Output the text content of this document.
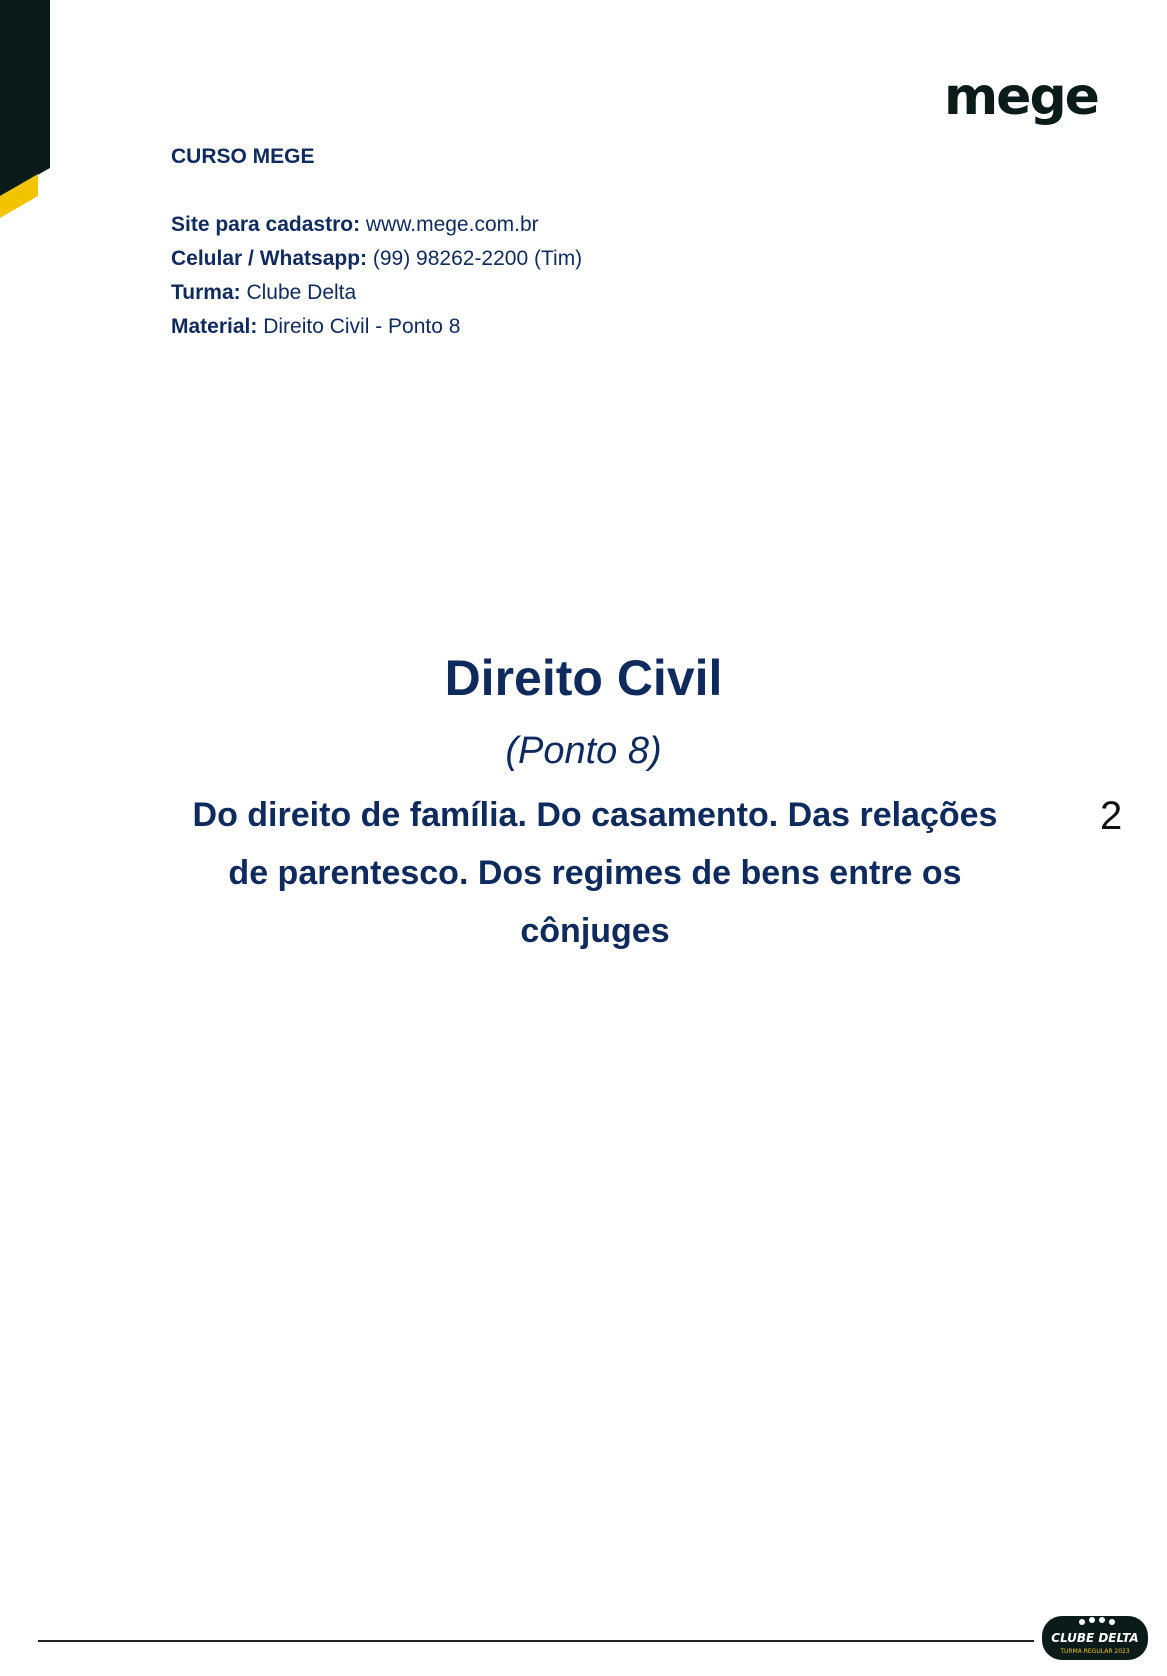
mege
CURSO MEGE
Site para cadastro: www.mege.com.br
Celular / Whatsapp: (99) 98262-2200 (Tim)
Turma: Clube Delta
Material: Direito Civil - Ponto 8
Direito Civil
(Ponto 8)
Do direito de família. Do casamento. Das relações de parentesco. Dos regimes de bens entre os cônjuges
2
CLUBE DELTA
TURMA REGULAR 2023
